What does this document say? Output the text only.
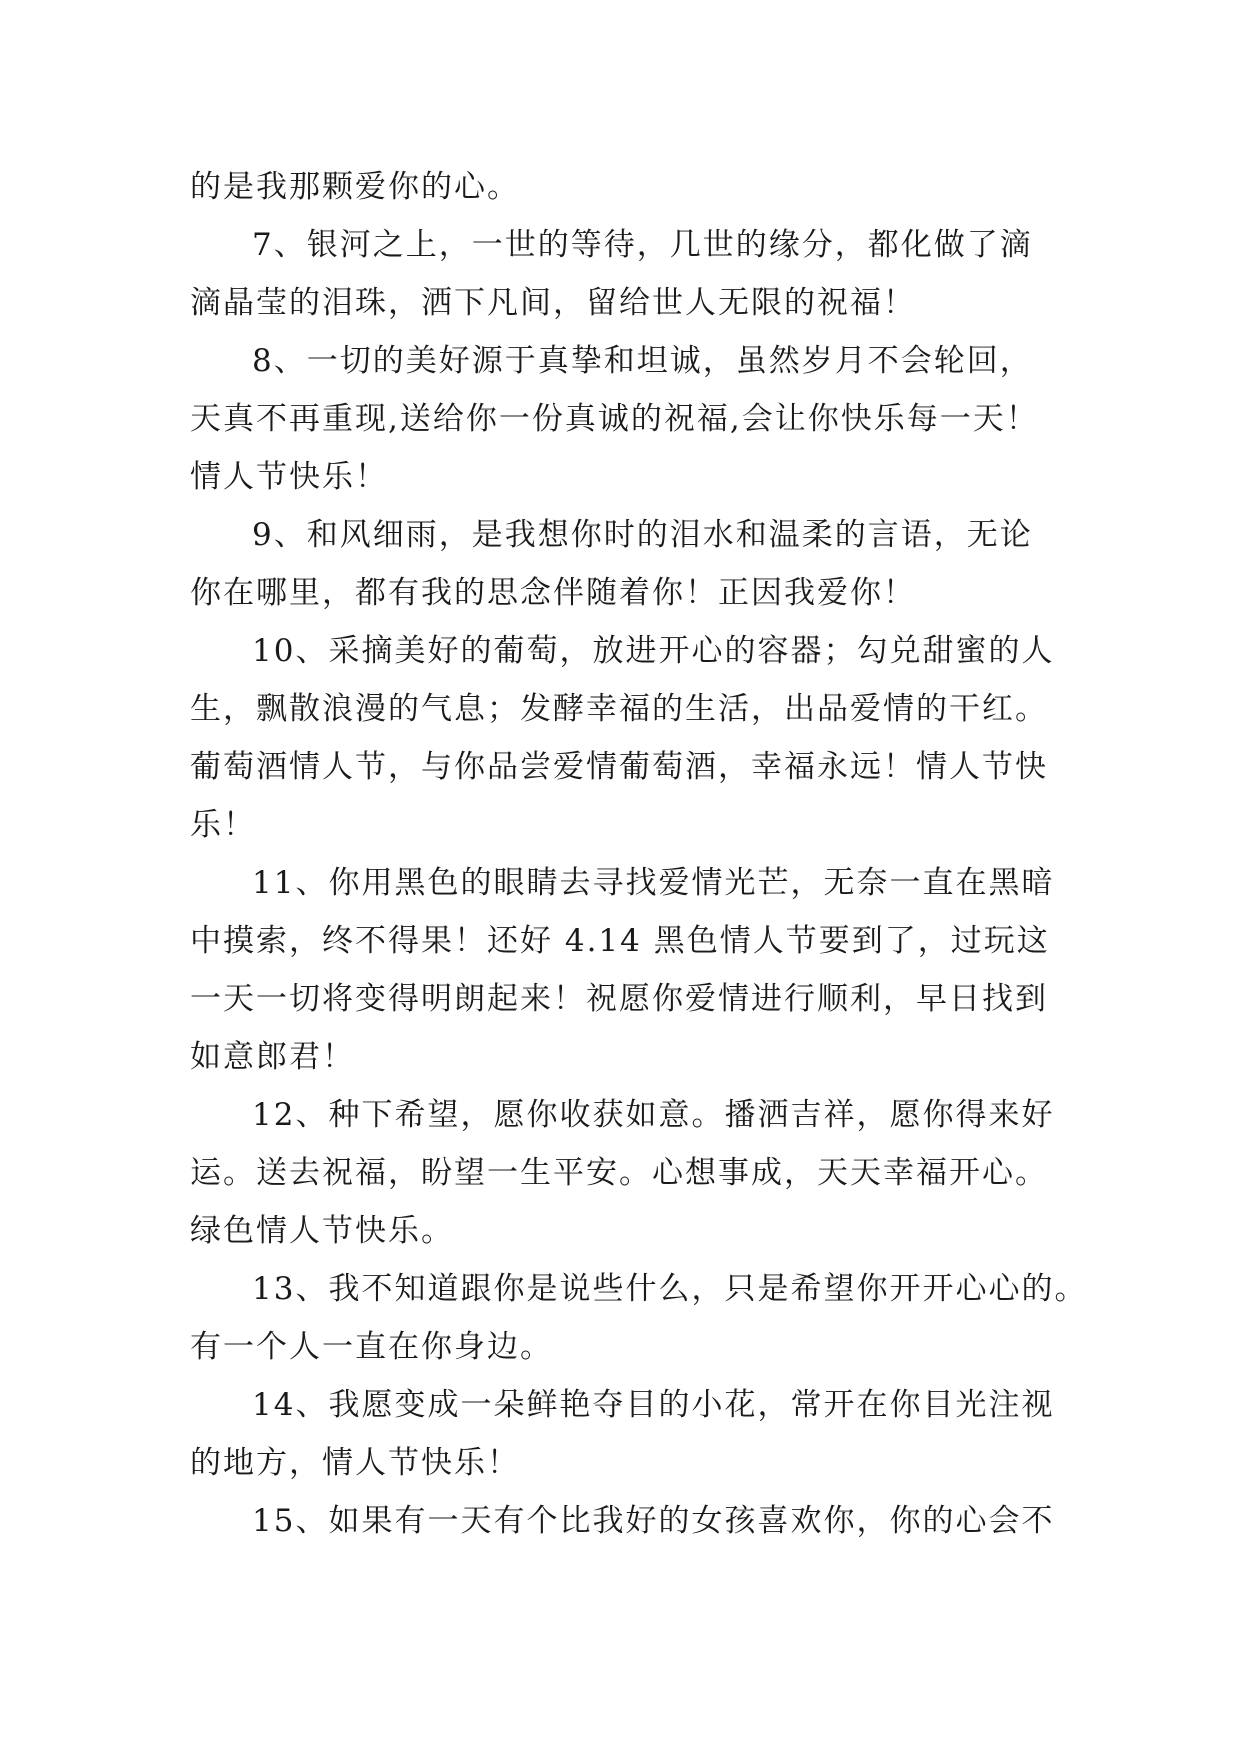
的是我那颗爱你的心。

7、银河之上，一世的等待，几世的缘分，都化做了滴
滴晶莹的泪珠，洒下凡间，留给世人无限的祝福！

8、一切的美好源于真挚和坦诚，虽然岁月不会轮回，
天真不再重现,送给你一份真诚的祝福,会让你快乐每一天！
情人节快乐！

9、和风细雨，是我想你时的泪水和温柔的言语，无论
你在哪里，都有我的思念伴随着你！正因我爱你！

10、采摘美好的葡萄，放进开心的容器；勾兑甜蜜的人
生，飘散浪漫的气息；发酵幸福的生活，出品爱情的干红。
葡萄酒情人节，与你品尝爱情葡萄酒，幸福永远！情人节快
乐！

11、你用黑色的眼睛去寻找爱情光芒，无奈一直在黑暗
中摸索，终不得果！还好 4.14 黑色情人节要到了，过玩这
一天一切将变得明朗起来！祝愿你爱情进行顺利，早日找到
如意郎君！

12、种下希望，愿你收获如意。播洒吉祥，愿你得来好
运。送去祝福，盼望一生平安。心想事成，天天幸福开心。
绿色情人节快乐。

13、我不知道跟你是说些什么，只是希望你开开心心的。
有一个人一直在你身边。

14、我愿变成一朵鲜艳夺目的小花，常开在你目光注视
的地方，情人节快乐！

15、如果有一天有个比我好的女孩喜欢你，你的心会不
